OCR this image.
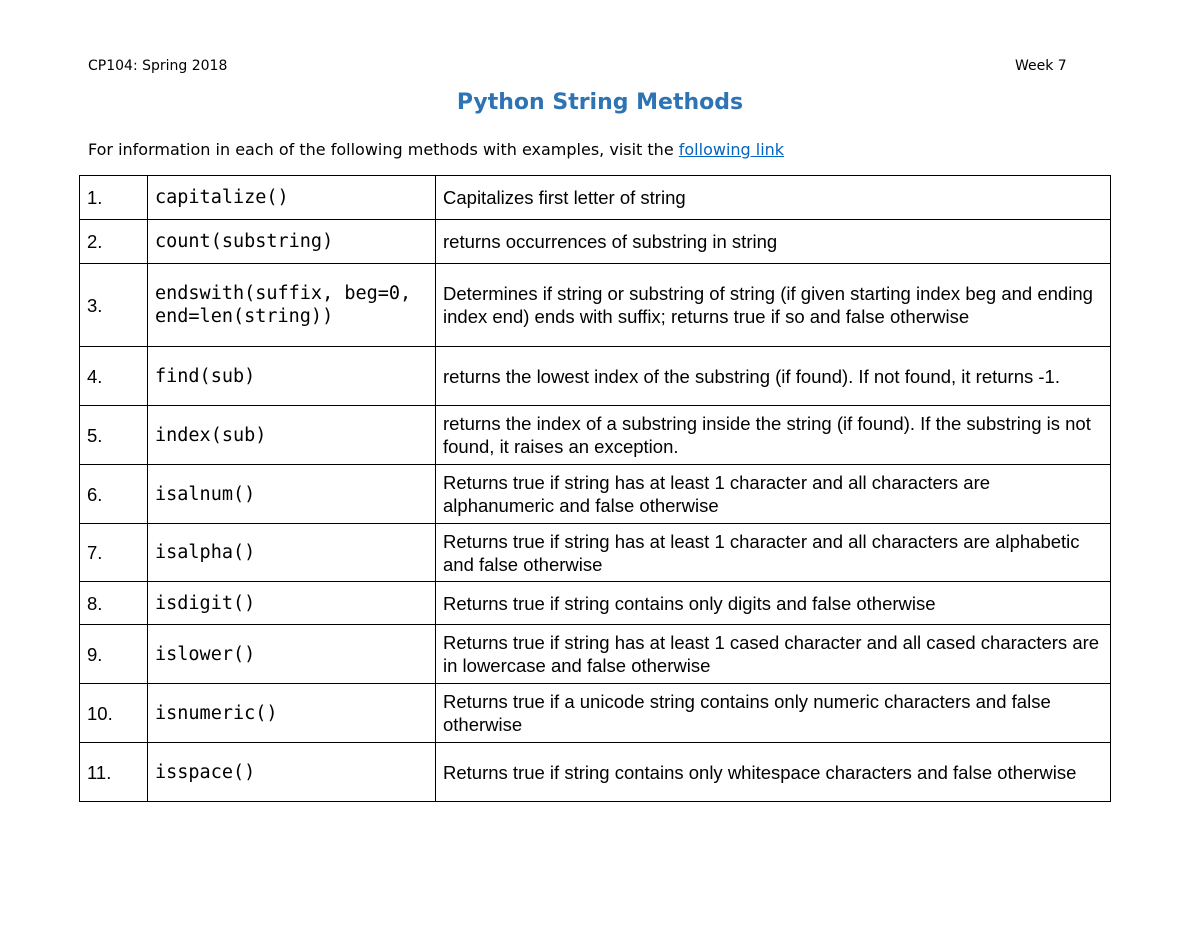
CP104: Spring 2018	Week 7
Python String Methods
For information in each of the following methods with examples, visit the following link
1.	capitalize()	Capitalizes first letter of string
2.	count(substring)	returns occurrences of substring in string
3.	endswith(suffix, beg=0, end=len(string))	Determines if string or substring of string (if given starting index beg and ending index end) ends with suffix; returns true if so and false otherwise
4.	find(sub)	returns the lowest index of the substring (if found). If not found, it returns -1.
5.	index(sub)	returns the index of a substring inside the string (if found). If the substring is not found, it raises an exception.
6.	isalnum()	Returns true if string has at least 1 character and all characters are alphanumeric and false otherwise
7.	isalpha()	Returns true if string has at least 1 character and all characters are alphabetic and false otherwise
8.	isdigit()	Returns true if string contains only digits and false otherwise
9.	islower()	Returns true if string has at least 1 cased character and all cased characters are in lowercase and false otherwise
10.	isnumeric()	Returns true if a unicode string contains only numeric characters and false otherwise
11.	isspace()	Returns true if string contains only whitespace characters and false otherwise
